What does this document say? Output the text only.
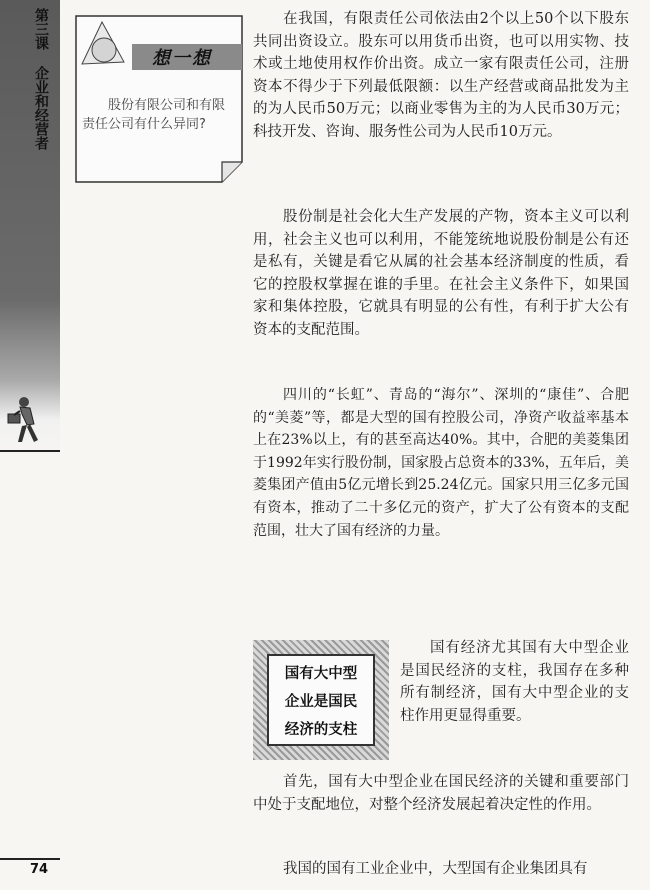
第三课
企业和经营者
74
想一想
股份有限公司和有限责任公司有什么异同?
在我国，有限责任公司依法由2个以上50个以下股东共同出资设立。股东可以用货币出资，也可以用实物、技术或土地使用权作价出资。成立一家有限责任公司，注册资本不得少于下列最低限额：以生产经营或商品批发为主的为人民币50万元；以商业零售为主的为人民币30万元；科技开发、咨询、服务性公司为人民币10万元。
股份制是社会化大生产发展的产物，资本主义可以利用，社会主义也可以利用，不能笼统地说股份制是公有还是私有，关键是看它从属的社会基本经济制度的性质，看它的控股权掌握在谁的手里。在社会主义条件下，如果国家和集体控股，它就具有明显的公有性，有利于扩大公有资本的支配范围。
四川的“长虹”、青岛的“海尔”、深圳的“康佳”、合肥的“美菱”等，都是大型的国有控股公司，净资产收益率基本上在23%以上，有的甚至高达40%。其中，合肥的美菱集团于1992年实行股份制，国家股占总资本的33%，五年后，美菱集团产值由5亿元增长到25.24亿元。国家只用三亿多元国有资本，推动了二十多亿元的资产，扩大了公有资本的支配范围，壮大了国有经济的力量。
国有大中型
企业是国民
经济的支柱
国有经济尤其国有大中型企业是国民经济的支柱，我国存在多种所有制经济，国有大中型企业的支柱作用更显得重要。
首先，国有大中型企业在国民经济的关键和重要部门中处于支配地位，对整个经济发展起着决定性的作用。
我国的国有工业企业中，大型国有企业集团具有
